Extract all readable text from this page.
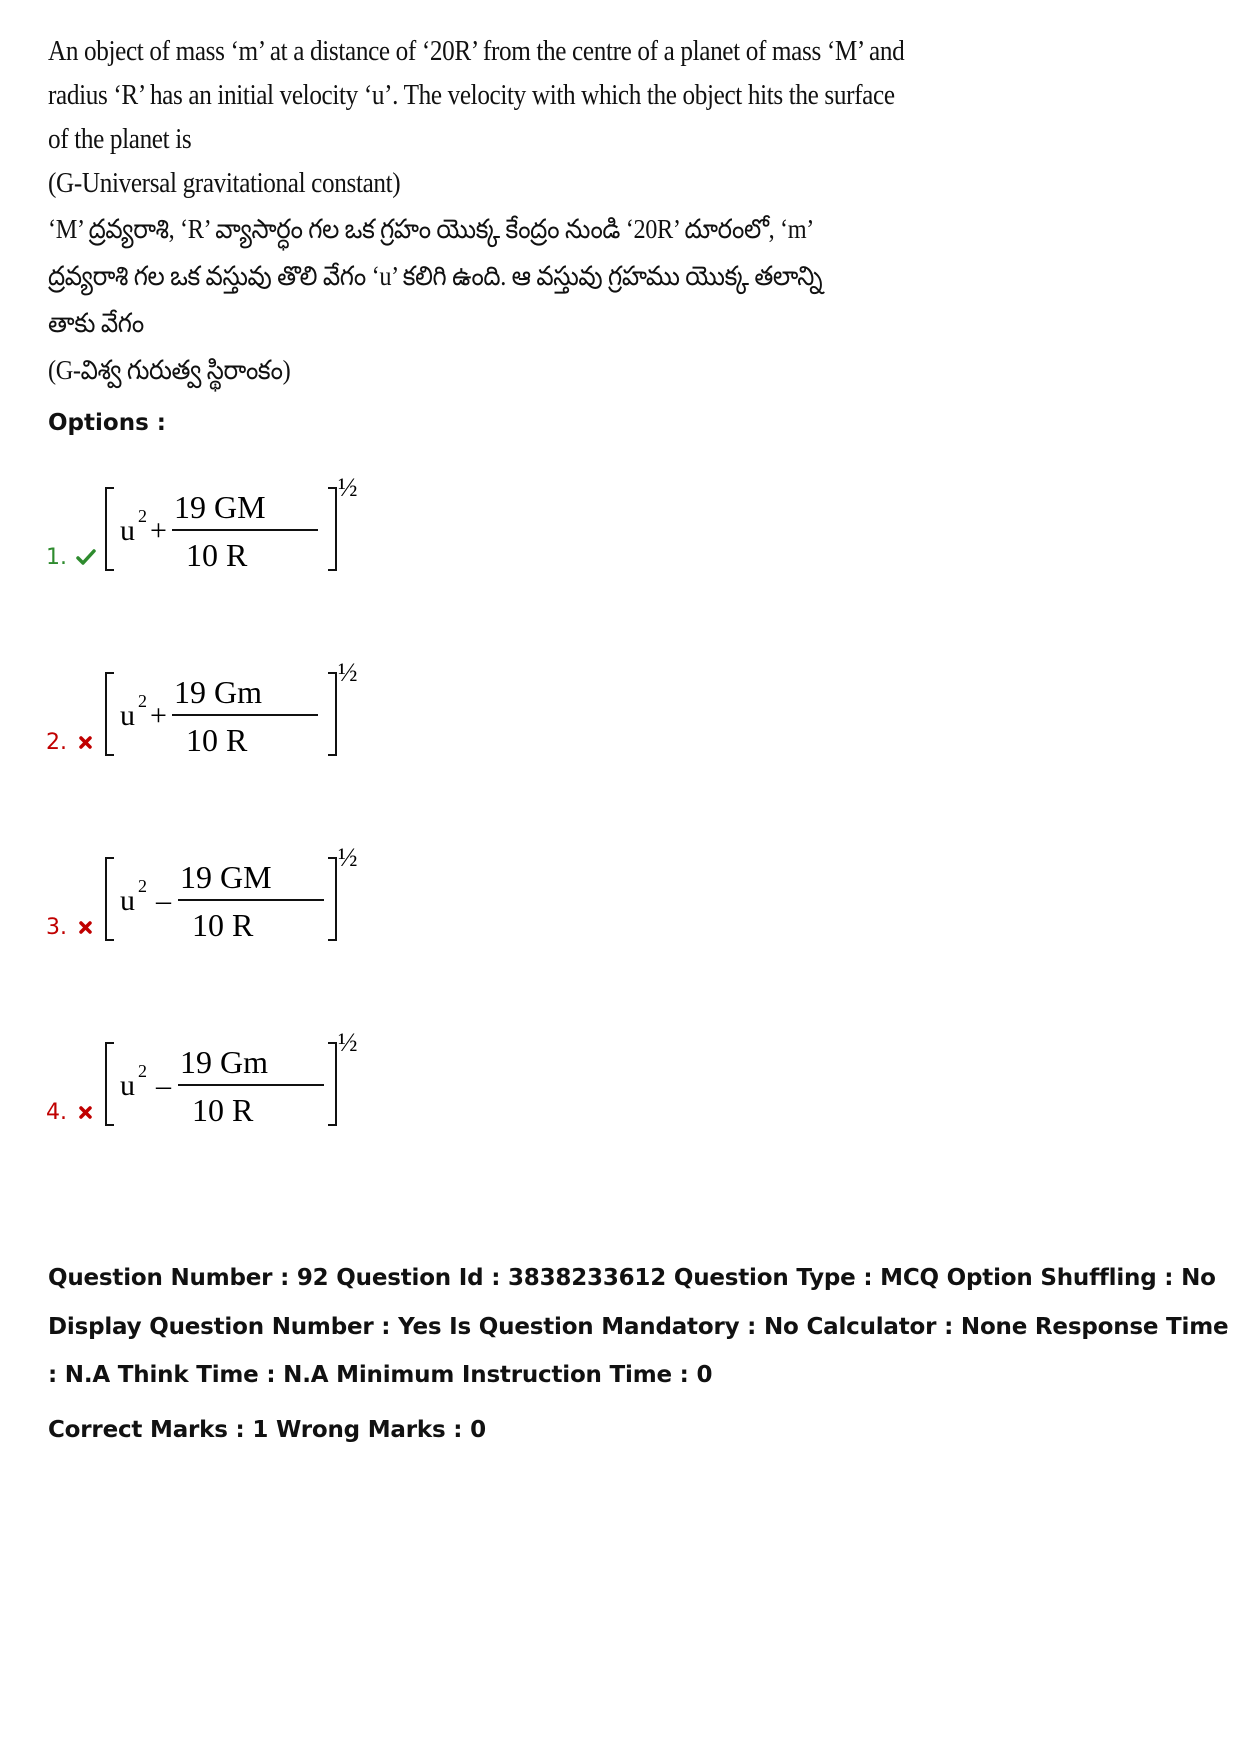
An object of mass ‘m’ at a distance of ‘20R’ from the centre of a planet of mass ‘M’ and
radius ‘R’ has an initial velocity ‘u’. The velocity with which the object hits the surface
of the planet is
(G-Universal gravitational constant)
‘M’ ద్రవ్యరాశి, ‘R’ వ్యాసార్ధం గల ఒక గ్రహం యొక్క కేంద్రం నుండి ‘20R’ దూరంలో, ‘m’
ద్రవ్యరాశి గల ఒక వస్తువు తొలి వేగం ‘u’ కలిగి ఉంది. ఆ వస్తువు గ్రహము యొక్క తలాన్ని
తాకు వేగం
(G-విశ్వ గురుత్వ స్థిరాంకం)
Options :
1.
u 2 +
19 GM
10 R
½
2.
u 2 +
19 Gm
10 R
½
3.
u 2 –
19 GM
10 R
½
4.
u 2 –
19 Gm
10 R
½
Question Number : 92 Question Id : 3838233612 Question Type : MCQ Option Shuffling : No
Display Question Number : Yes Is Question Mandatory : No Calculator : None Response Time
: N.A Think Time : N.A Minimum Instruction Time : 0
Correct Marks : 1 Wrong Marks : 0
